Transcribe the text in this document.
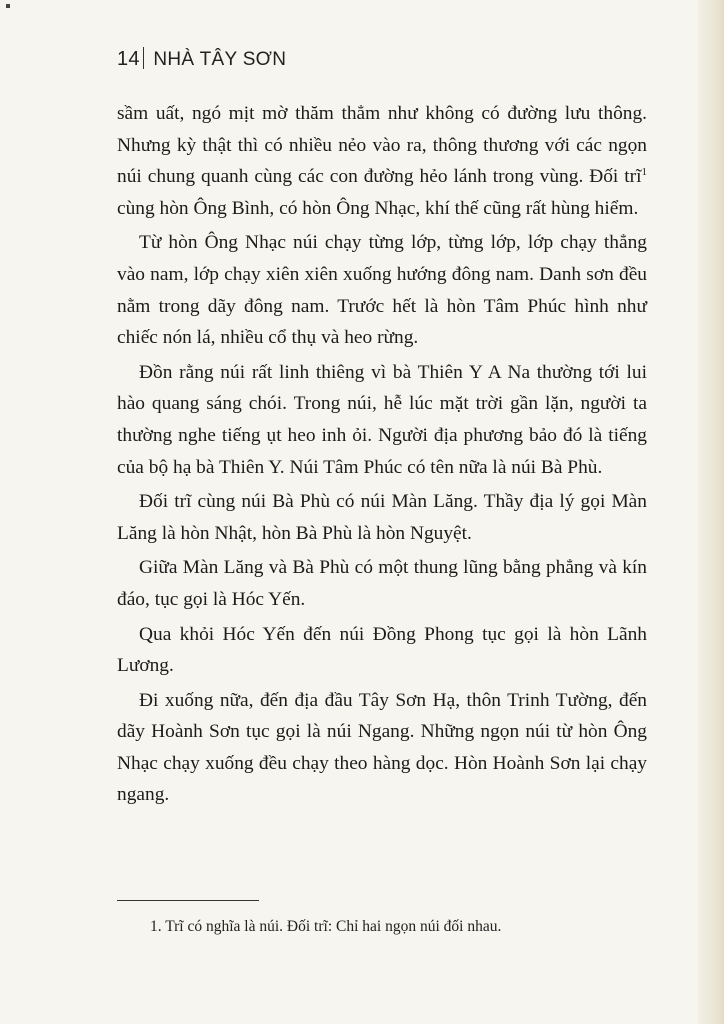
14 NHÀ TÂY SƠN

sầm uất, ngó mịt mờ thăm thẳm như không có đường lưu thông. Nhưng kỳ thật thì có nhiều nẻo vào ra, thông thương với các ngọn núi chung quanh cùng các con đường hẻo lánh trong vùng. Đối trĩ$^1$ cùng hòn Ông Bình, có hòn Ông Nhạc, khí thế cũng rất hùng hiểm.

Từ hòn Ông Nhạc núi chạy từng lớp, từng lớp, lớp chạy thẳng vào nam, lớp chạy xiên xiên xuống hướng đông nam. Danh sơn đều nằm trong dãy đông nam. Trước hết là hòn Tâm Phúc hình như chiếc nón lá, nhiều cổ thụ và heo rừng.

Đồn rằng núi rất linh thiêng vì bà Thiên Y A Na thường tới lui hào quang sáng chói. Trong núi, hễ lúc mặt trời gần lặn, người ta thường nghe tiếng ụt heo inh ỏi. Người địa phương bảo đó là tiếng của bộ hạ bà Thiên Y. Núi Tâm Phúc có tên nữa là núi Bà Phù.

Đối trĩ cùng núi Bà Phù có núi Màn Lăng. Thầy địa lý gọi Màn Lăng là hòn Nhật, hòn Bà Phù là hòn Nguyệt.

Giữa Màn Lăng và Bà Phù có một thung lũng bằng phẳng và kín đáo, tục gọi là Hóc Yến.

Qua khỏi Hóc Yến đến núi Đồng Phong tục gọi là hòn Lãnh Lương.

Đi xuống nữa, đến địa đầu Tây Sơn Hạ, thôn Trinh Tường, đến dãy Hoành Sơn tục gọi là núi Ngang. Những ngọn núi từ hòn Ông Nhạc chạy xuống đều chạy theo hàng dọc. Hòn Hoành Sơn lại chạy ngang.

1. Trĩ có nghĩa là núi. Đối trĩ: Chỉ hai ngọn núi đối nhau.
